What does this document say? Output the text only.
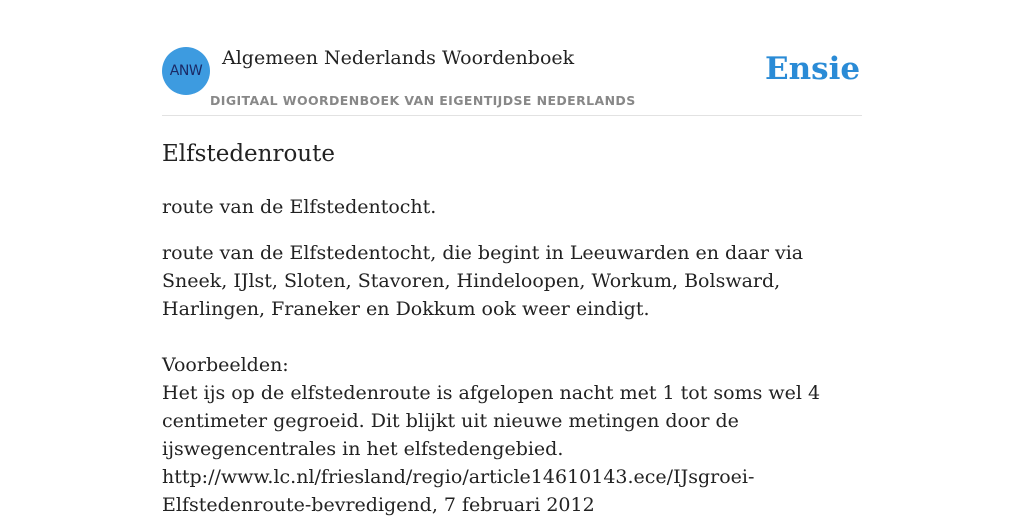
ANW
Algemeen Nederlands Woordenboek
DIGITAAL WOORDENBOEK VAN EIGENTIJDSE NEDERLANDS
Ensie
Elfstedenroute
route van de Elfstedentocht.

route van de Elfstedentocht, die begint in Leeuwarden en daar via Sneek, IJlst, Sloten, Stavoren, Hindeloopen, Workum, Bolsward, Harlingen, Franeker en Dokkum ook weer eindigt.

Voorbeelden:

Het ijs op de elfstedenroute is afgelopen nacht met 1 tot soms wel 4 centimeter gegroeid. Dit blijkt uit nieuwe metingen door de ijswegencentrales in het elfstedengebied.

http://www.lc.nl/friesland/regio/article14610143.ece/IJsgroei-Elfstedenroute-bevredigend, 7 februari 2012
